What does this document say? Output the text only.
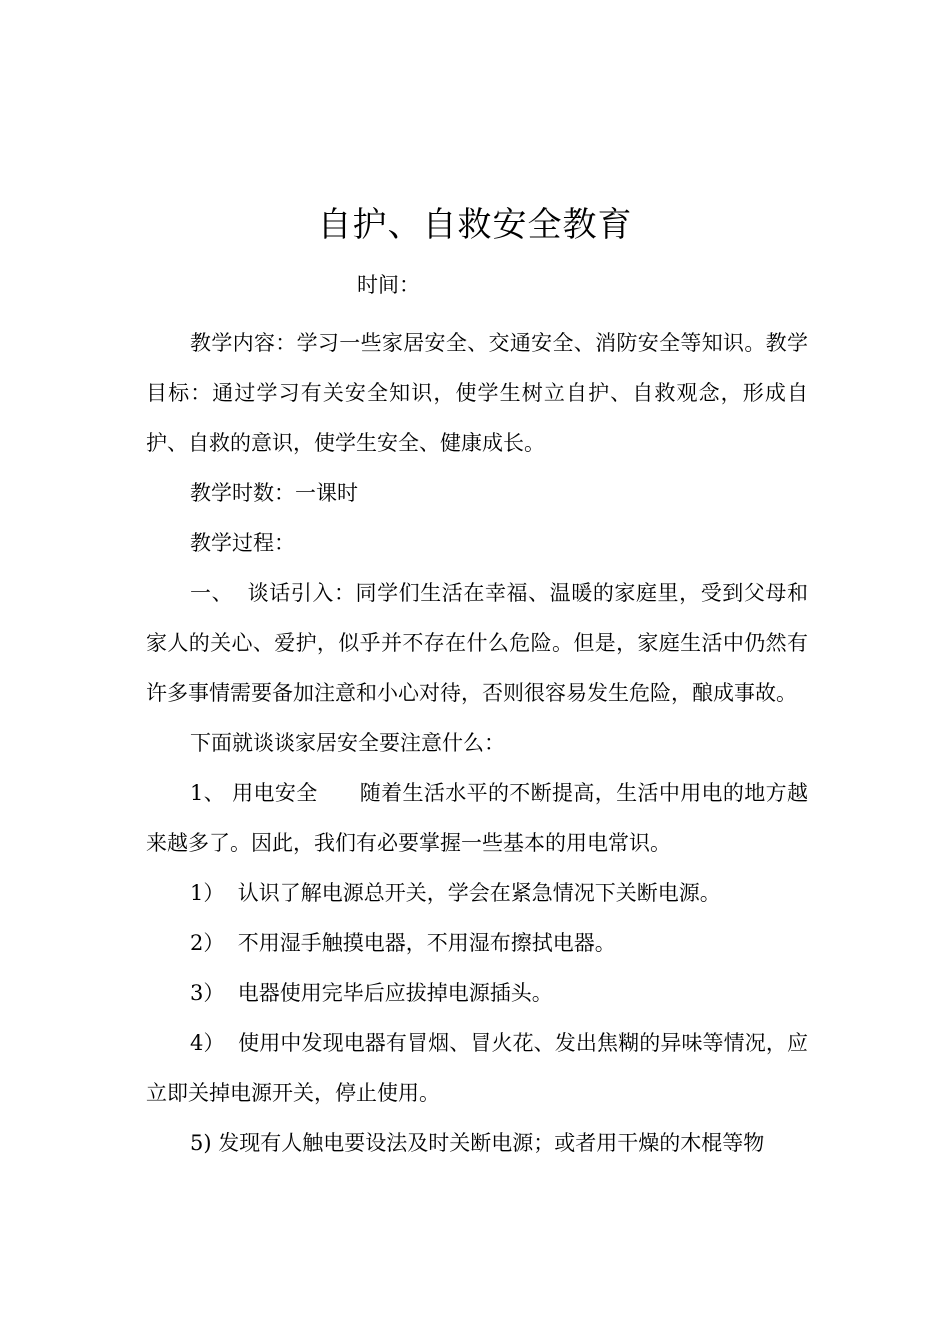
自护、自救安全教育
时间：

教学内容：学习一些家居安全、交通安全、消防安全等知识。教学目标：通过学习有关安全知识，使学生树立自护、自救观念，形成自护、自救的意识，使学生安全、健康成长。

教学时数：一课时

教学过程：

一、  谈话引入：同学们生活在幸福、温暖的家庭里，受到父母和家人的关心、爱护，似乎并不存在什么危险。但是，家庭生活中仍然有许多事情需要备加注意和小心对待，否则很容易发生危险，酿成事故。

下面就谈谈家居安全要注意什么：

1、 用电安全      随着生活水平的不断提高，生活中用电的地方越来越多了。因此，我们有必要掌握一些基本的用电常识。

1）  认识了解电源总开关，学会在紧急情况下关断电源。

2）  不用湿手触摸电器，不用湿布擦拭电器。

3）  电器使用完毕后应拔掉电源插头。

4）  使用中发现电器有冒烟、冒火花、发出焦糊的异味等情况，应立即关掉电源开关，停止使用。

5) 发现有人触电要设法及时关断电源；或者用干燥的木棍等物
